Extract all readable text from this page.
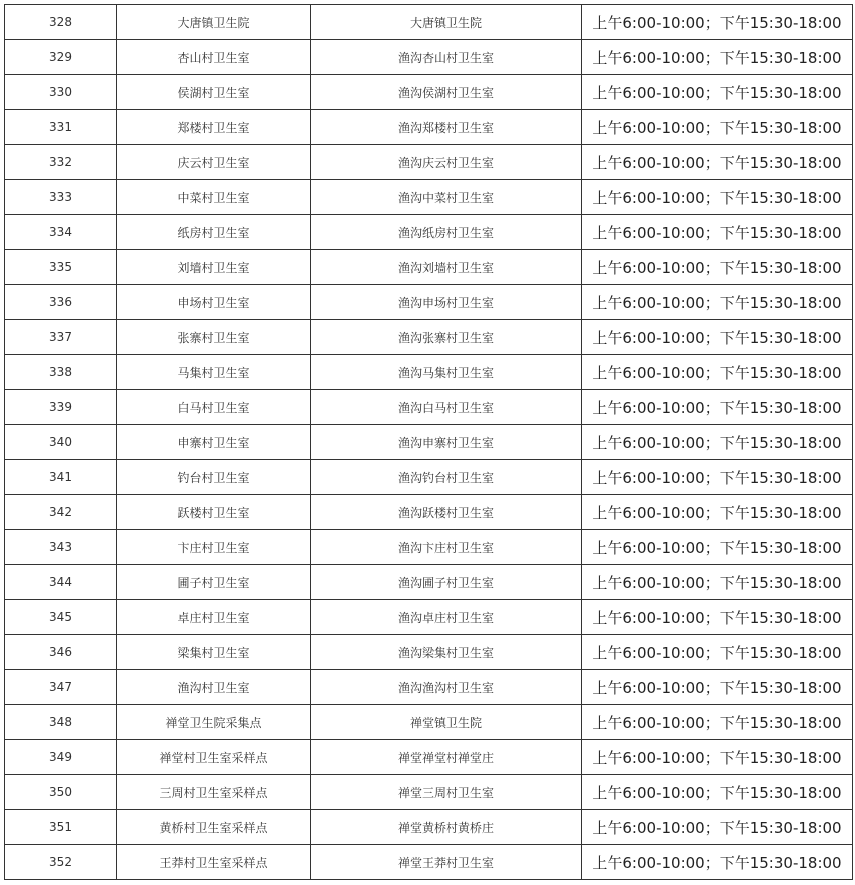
328	大唐镇卫生院	大唐镇卫生院	上午6:00-10:00；下午15:30-18:00
329	杏山村卫生室	渔沟杏山村卫生室	上午6:00-10:00；下午15:30-18:00
330	侯湖村卫生室	渔沟侯湖村卫生室	上午6:00-10:00；下午15:30-18:00
331	郑楼村卫生室	渔沟郑楼村卫生室	上午6:00-10:00；下午15:30-18:00
332	庆云村卫生室	渔沟庆云村卫生室	上午6:00-10:00；下午15:30-18:00
333	中菜村卫生室	渔沟中菜村卫生室	上午6:00-10:00；下午15:30-18:00
334	纸房村卫生室	渔沟纸房村卫生室	上午6:00-10:00；下午15:30-18:00
335	刘墙村卫生室	渔沟刘墙村卫生室	上午6:00-10:00；下午15:30-18:00
336	申场村卫生室	渔沟申场村卫生室	上午6:00-10:00；下午15:30-18:00
337	张寨村卫生室	渔沟张寨村卫生室	上午6:00-10:00；下午15:30-18:00
338	马集村卫生室	渔沟马集村卫生室	上午6:00-10:00；下午15:30-18:00
339	白马村卫生室	渔沟白马村卫生室	上午6:00-10:00；下午15:30-18:00
340	申寨村卫生室	渔沟申寨村卫生室	上午6:00-10:00；下午15:30-18:00
341	钓台村卫生室	渔沟钓台村卫生室	上午6:00-10:00；下午15:30-18:00
342	跃楼村卫生室	渔沟跃楼村卫生室	上午6:00-10:00；下午15:30-18:00
343	卞庄村卫生室	渔沟卞庄村卫生室	上午6:00-10:00；下午15:30-18:00
344	圃子村卫生室	渔沟圃子村卫生室	上午6:00-10:00；下午15:30-18:00
345	卓庄村卫生室	渔沟卓庄村卫生室	上午6:00-10:00；下午15:30-18:00
346	梁集村卫生室	渔沟梁集村卫生室	上午6:00-10:00；下午15:30-18:00
347	渔沟村卫生室	渔沟渔沟村卫生室	上午6:00-10:00；下午15:30-18:00
348	禅堂卫生院采集点	禅堂镇卫生院	上午6:00-10:00；下午15:30-18:00
349	禅堂村卫生室采样点	禅堂禅堂村禅堂庄	上午6:00-10:00；下午15:30-18:00
350	三周村卫生室采样点	禅堂三周村卫生室	上午6:00-10:00；下午15:30-18:00
351	黄桥村卫生室采样点	禅堂黄桥村黄桥庄	上午6:00-10:00；下午15:30-18:00
352	王莽村卫生室采样点	禅堂王莽村卫生室	上午6:00-10:00；下午15:30-18:00
